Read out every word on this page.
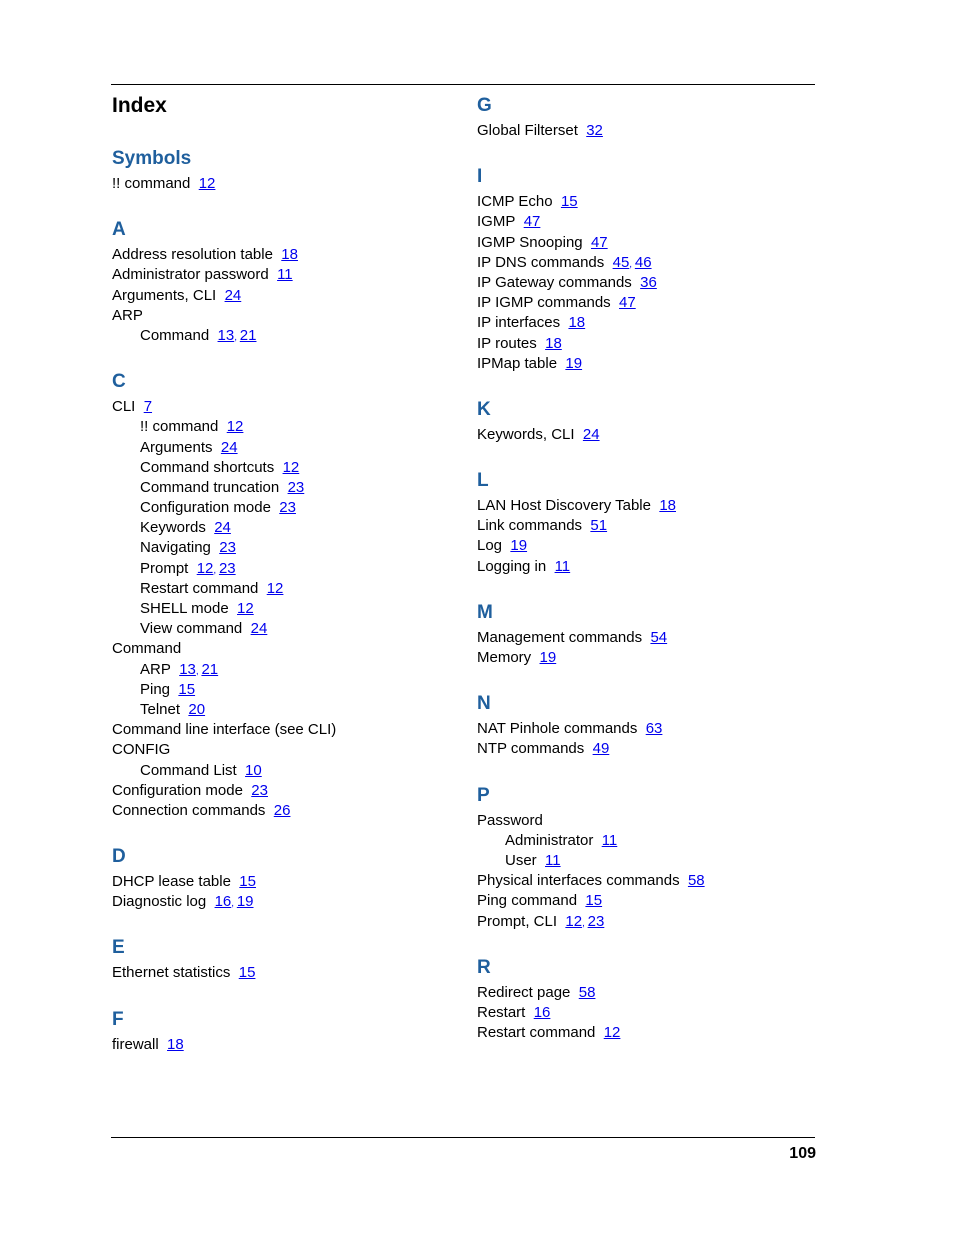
Index
Symbols
!! command 12
A
Address resolution table 18
Administrator password 11
Arguments, CLI 24
ARP
Command 13, 21
C
CLI 7
!! command 12
Arguments 24
Command shortcuts 12
Command truncation 23
Configuration mode 23
Keywords 24
Navigating 23
Prompt 12, 23
Restart command 12
SHELL mode 12
View command 24
Command
ARP 13, 21
Ping 15
Telnet 20
Command line interface (see CLI)
CONFIG
Command List 10
Configuration mode 23
Connection commands 26
D
DHCP lease table 15
Diagnostic log 16, 19
E
Ethernet statistics 15
F
firewall 18
G
Global Filterset 32
I
ICMP Echo 15
IGMP 47
IGMP Snooping 47
IP DNS commands 45, 46
IP Gateway commands 36
IP IGMP commands 47
IP interfaces 18
IP routes 18
IPMap table 19
K
Keywords, CLI 24
L
LAN Host Discovery Table 18
Link commands 51
Log 19
Logging in 11
M
Management commands 54
Memory 19
N
NAT Pinhole commands 63
NTP commands 49
P
Password
Administrator 11
User 11
Physical interfaces commands 58
Ping command 15
Prompt, CLI 12, 23
R
Redirect page 58
Restart 16
Restart command 12
109
